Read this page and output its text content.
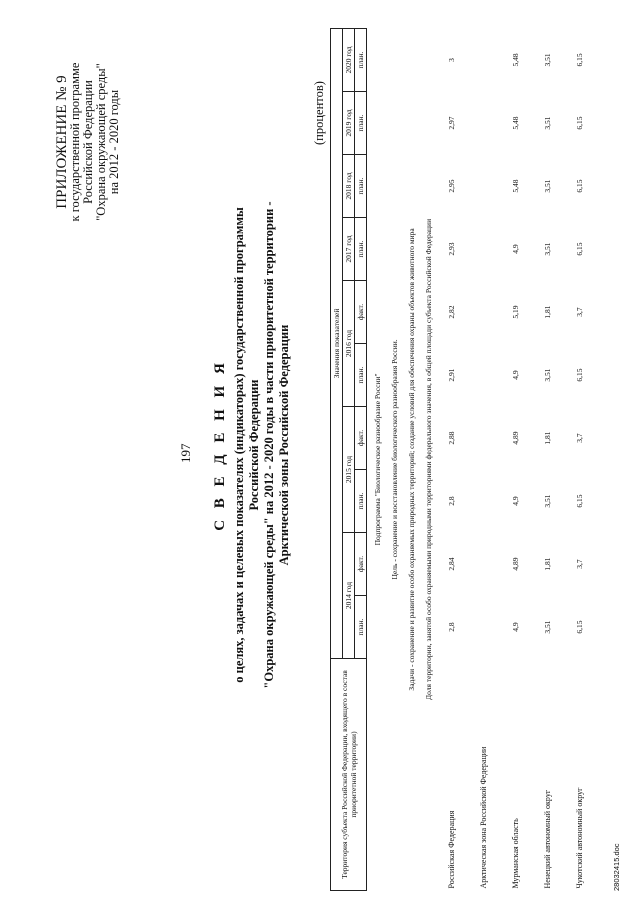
197
ПРИЛОЖЕНИЕ № 9
к государственной программе Российской Федерации "Охрана окружающей среды" на 2012 - 2020 годы
С В Е Д Е Н И Я о целях, задачах и целевых показателях (индикаторах) государственной программы Российской Федерации "Охрана окружающей среды" на 2012 - 2020 годы в части приоритетной территории - Арктической зоны Российской Федерации
(процентов)
Территория субъекта Российской Федерации, входящего в состав приоритетной территории)	Значения показателей									
	2014 год		2015 год		2016 год		2017 год	2018 год	2019 год	2020 год
	план.	факт.	план.	факт.	план.	факт.	план.	план.	план.	план.
Подпрограмма "Биологическое разнообразие России"										
Цель - сохранение и восстановление биологического разнообразия России.										
Задачи - сохранение и развитие особо охраняемых природных территорий; создание условий для обеспечения охраны объектов животного мира										
Доля территории, занятой особо охраняемыми природными территориями федерального значения, в общей площади субъекта Российской Федерации										
Российская Федерация	2,8	2,84	2,8	2,88	2,91	2,82	2,93	2,95	2,97	3
Арктическая зона Российской Федерации										
Мурманская область	4,9	4,89	4,9	4,89	4,9	5,19	4,9	5,48	5,48	5,48
Ненецкий автономный округ	3,51	1,81	3,51	1,81	3,51	1,81	3,51	3,51	3,51	3,51
Чукотский автономный округ	6,15	3,7	6,15	3,7	6,15	3,7	6,15	6,15	6,15	6,15
28032415.doc
